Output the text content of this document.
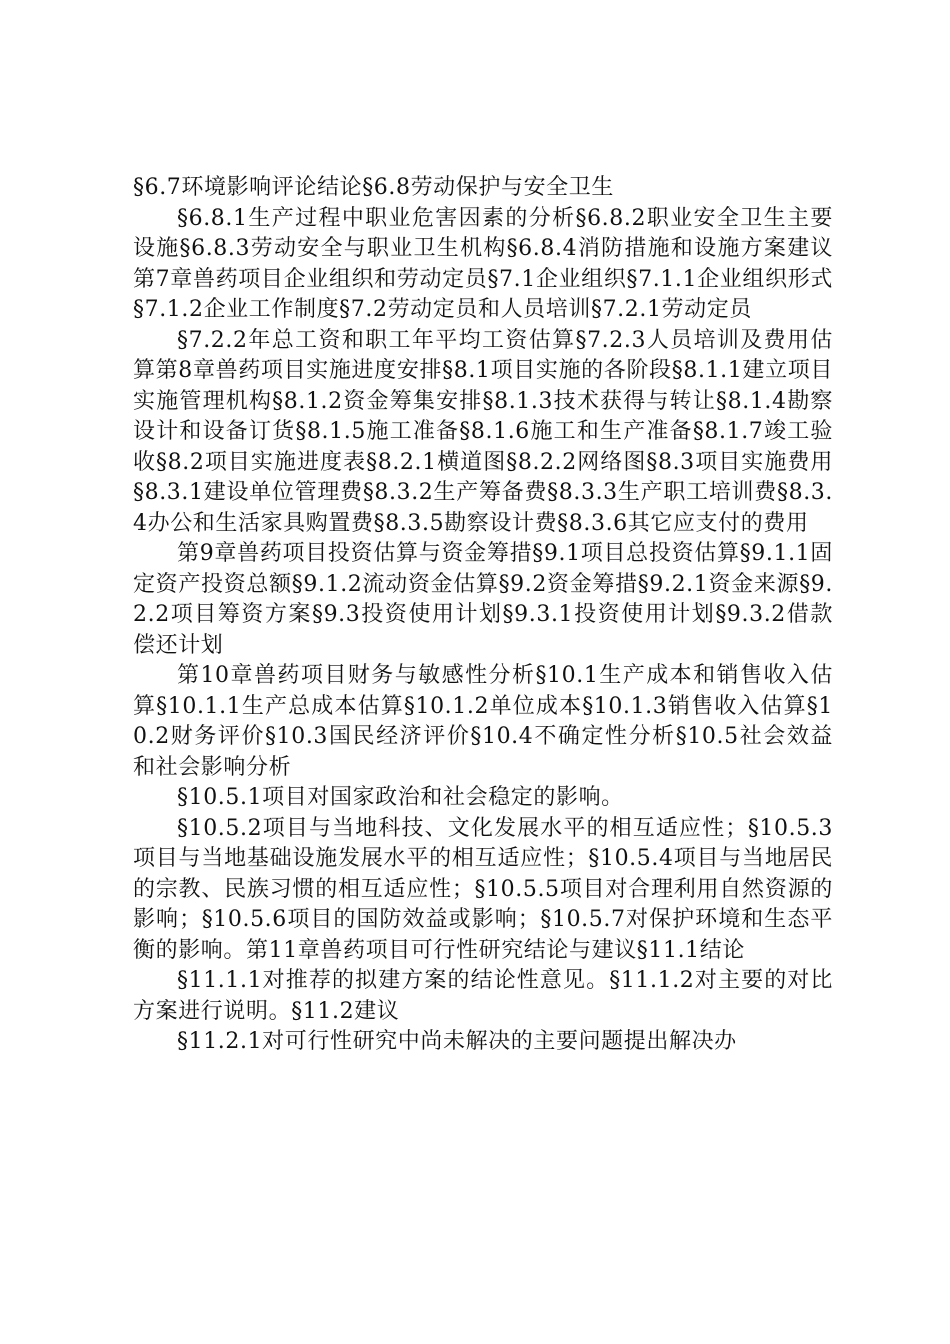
§6.7环境影响评论结论§6.8劳动保护与安全卫生

§6.8.1生产过程中职业危害因素的分析§6.8.2职业安全卫生主要设施§6.8.3劳动安全与职业卫生机构§6.8.4消防措施和设施方案建议第7章兽药项目企业组织和劳动定员§7.1企业组织§7.1.1企业组织形式§7.1.2企业工作制度§7.2劳动定员和人员培训§7.2.1劳动定员

§7.2.2年总工资和职工年平均工资估算§7.2.3人员培训及费用估算第8章兽药项目实施进度安排§8.1项目实施的各阶段§8.1.1建立项目实施管理机构§8.1.2资金筹集安排§8.1.3技术获得与转让§8.1.4勘察设计和设备订货§8.1.5施工准备§8.1.6施工和生产准备§8.1.7竣工验收§8.2项目实施进度表§8.2.1横道图§8.2.2网络图§8.3项目实施费用§8.3.1建设单位管理费§8.3.2生产筹备费§8.3.3生产职工培训费§8.3.4办公和生活家具购置费§8.3.5勘察设计费§8.3.6其它应支付的费用

第9章兽药项目投资估算与资金筹措§9.1项目总投资估算§9.1.1固定资产投资总额§9.1.2流动资金估算§9.2资金筹措§9.2.1资金来源§9.2.2项目筹资方案§9.3投资使用计划§9.3.1投资使用计划§9.3.2借款偿还计划

第10章兽药项目财务与敏感性分析§10.1生产成本和销售收入估算§10.1.1生产总成本估算§10.1.2单位成本§10.1.3销售收入估算§10.2财务评价§10.3国民经济评价§10.4不确定性分析§10.5社会效益和社会影响分析

§10.5.1项目对国家政治和社会稳定的影响。

§10.5.2项目与当地科技、文化发展水平的相互适应性；§10.5.3项目与当地基础设施发展水平的相互适应性；§10.5.4项目与当地居民的宗教、民族习惯的相互适应性；§10.5.5项目对合理利用自然资源的影响；§10.5.6项目的国防效益或影响；§10.5.7对保护环境和生态平衡的影响。第11章兽药项目可行性研究结论与建议§11.1结论

§11.1.1对推荐的拟建方案的结论性意见。§11.1.2对主要的对比方案进行说明。§11.2建议

§11.2.1对可行性研究中尚未解决的主要问题提出解决办
